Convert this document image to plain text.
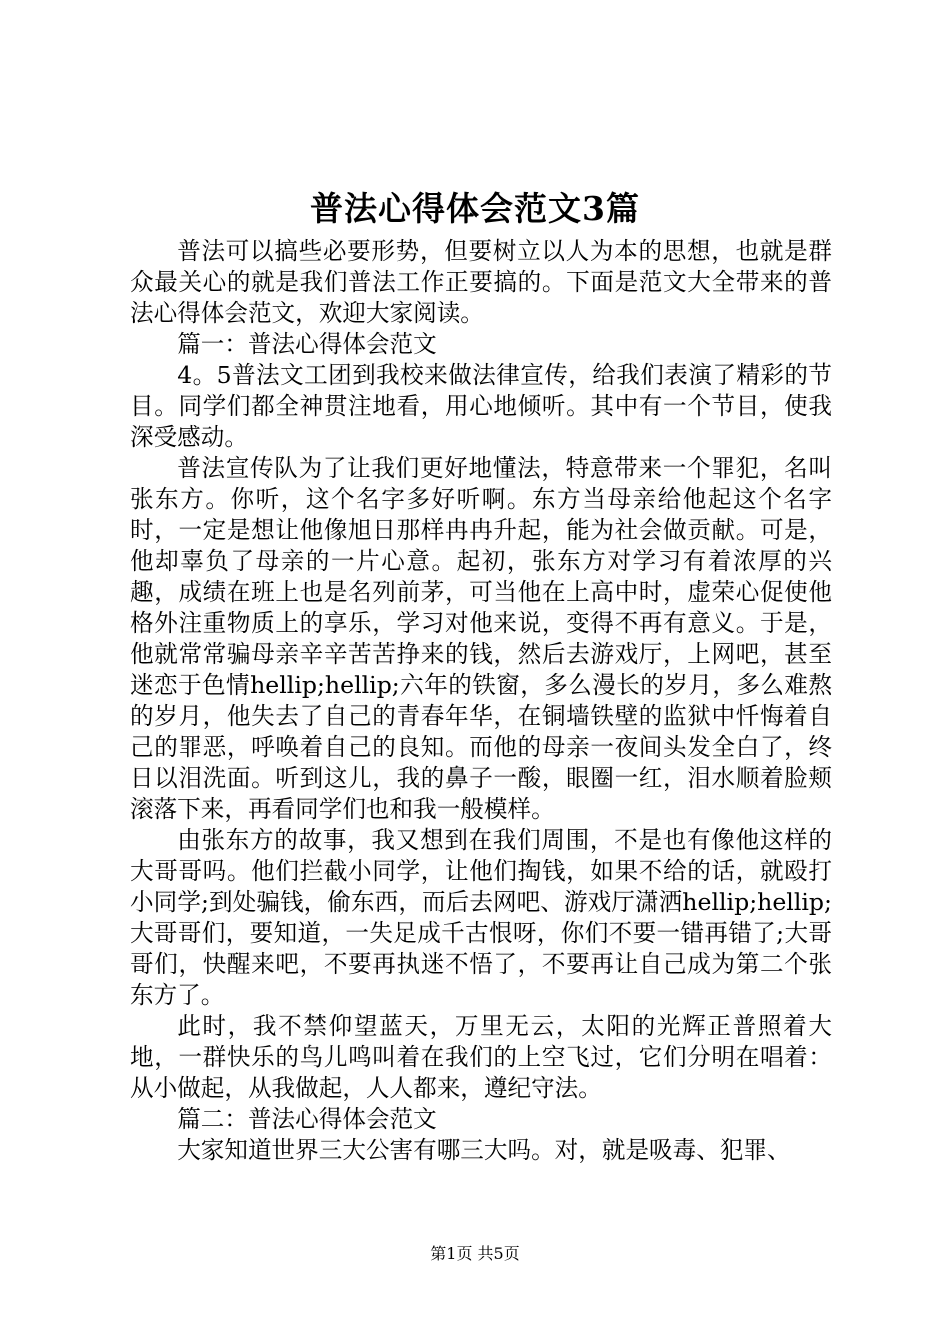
普法心得体会范文3篇

普法可以搞些必要形势，但要树立以人为本的思想，也就是群众最关心的就是我们普法工作正要搞的。下面是范文大全带来的普法心得体会范文，欢迎大家阅读。

篇一：普法心得体会范文

4。5普法文工团到我校来做法律宣传，给我们表演了精彩的节目。同学们都全神贯注地看，用心地倾听。其中有一个节目，使我深受感动。

普法宣传队为了让我们更好地懂法，特意带来一个罪犯，名叫张东方。你听，这个名字多好听啊。东方当母亲给他起这个名字时，一定是想让他像旭日那样冉冉升起，能为社会做贡献。可是，他却辜负了母亲的一片心意。起初，张东方对学习有着浓厚的兴趣，成绩在班上也是名列前茅，可当他在上高中时，虚荣心促使他格外注重物质上的享乐，学习对他来说，变得不再有意义。于是，他就常常骗母亲辛辛苦苦挣来的钱，然后去游戏厅，上网吧，甚至迷恋于色情hellip;hellip;六年的铁窗，多么漫长的岁月，多么难熬的岁月，他失去了自己的青春年华，在铜墙铁壁的监狱中忏悔着自己的罪恶，呼唤着自己的良知。而他的母亲一夜间头发全白了，终日以泪洗面。听到这儿，我的鼻子一酸，眼圈一红，泪水顺着脸颊滚落下来，再看同学们也和我一般模样。

由张东方的故事，我又想到在我们周围，不是也有像他这样的大哥哥吗。他们拦截小同学，让他们掏钱，如果不给的话，就殴打小同学;到处骗钱，偷东西，而后去网吧、游戏厅潇洒hellip;hellip;大哥哥们，要知道，一失足成千古恨呀，你们不要一错再错了;大哥哥们，快醒来吧，不要再执迷不悟了，不要再让自己成为第二个张东方了。

此时，我不禁仰望蓝天，万里无云，太阳的光辉正普照着大地，一群快乐的鸟儿鸣叫着在我们的上空飞过，它们分明在唱着：从小做起，从我做起，人人都来，遵纪守法。

篇二：普法心得体会范文

大家知道世界三大公害有哪三大吗。对，就是吸毒、犯罪、

第1页 共5页
